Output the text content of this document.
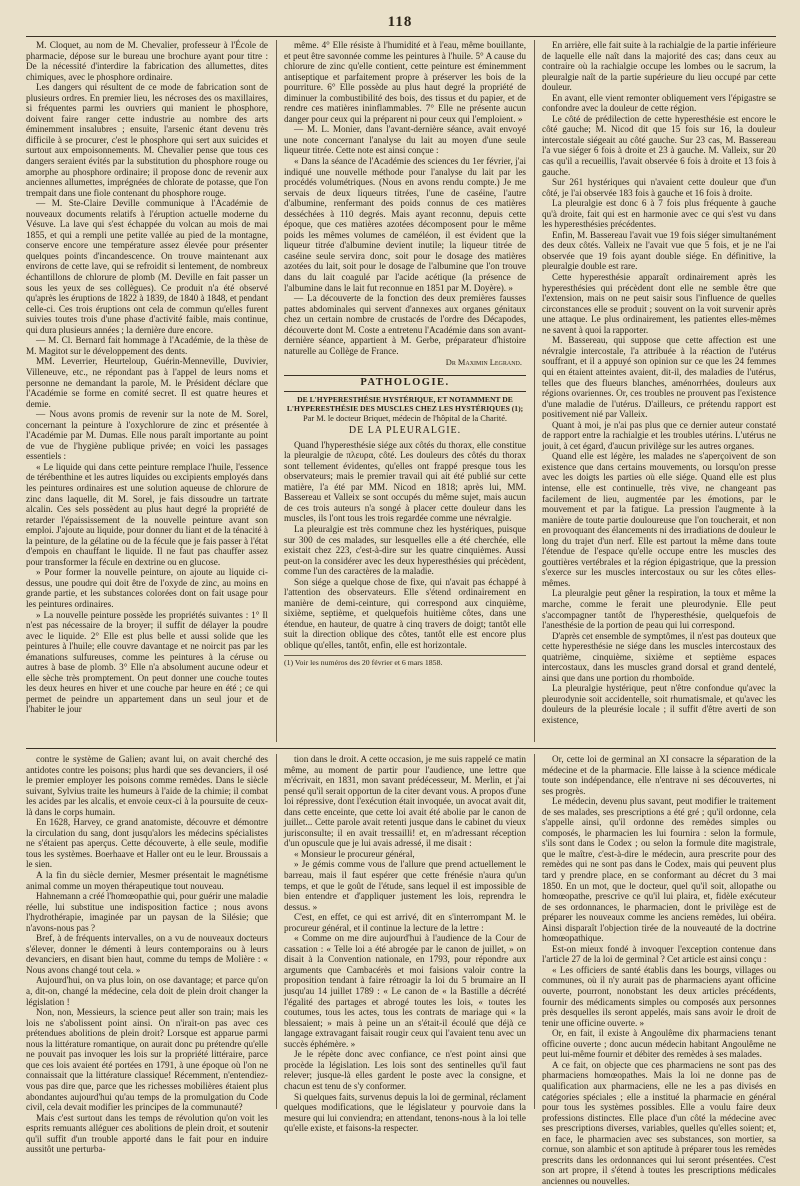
118

M. Cloquet, au nom de M. Chevalier, professeur à l'École de pharmacie, dépose sur le bureau une brochure ayant pour titre : De la nécessité d'interdire la fabrication des allumettes, dites chimiques, avec le phosphore ordinaire.

Les dangers qui résultent de ce mode de fabrication sont de plusieurs ordres. En premier lieu, les nécroses des os maxillaires, si fréquentes parmi les ouvriers qui manient le phosphore, doivent faire ranger cette industrie au nombre des arts éminemment insalubres ; ensuite, l'arsenic étant devenu très difficile à se procurer, c'est le phosphore qui sert aux suicides et surtout aux empoisonnements. M. Chevalier pense que tous ces dangers seraient évités par la substitution du phosphore rouge ou amorphe au phosphore ordinaire; il propose donc de revenir aux anciennes allumettes, imprégnées de chlorate de potasse, que l'on trempait dans une fiole contenant du phosphore rouge.

— M. Ste-Claire Deville communique à l'Académie de nouveaux documents relatifs à l'éruption actuelle moderne du Vésuve. La lave qui s'est échappée du volcan au mois de mai 1855, et qui a rempli une petite vallée au pied de la montagne, conserve encore une température assez élevée pour présenter quelques points d'incandescence. On trouve maintenant aux environs de cette lave, qui se refroidit si lentement, de nombreux échantillons de chlorure de plomb (M. Deville en fait passer un sous les yeux de ses collègues). Ce produit n'a été observé qu'après les éruptions de 1822 à 1839, de 1840 à 1848, et pendant celle-ci. Ces trois éruptions ont cela de commun qu'elles furent suivies toutes trois d'une phase d'activité faible, mais continue, qui dura plusieurs années ; la dernière dure encore.

— M. Cl. Bernard fait hommage à l'Académie, de la thèse de M. Magitot sur le développement des dents.

MM. Leverrier, Heurteloup, Guérin-Menneville, Duvivier, Villeneuve, etc., ne répondant pas à l'appel de leurs noms et personne ne demandant la parole, M. le Président déclare que l'Académie se forme en comité secret. Il est quatre heures et demie.

— Nous avons promis de revenir sur la note de M. Sorel, concernant la peinture à l'oxychlorure de zinc et présentée à l'Académie par M. Dumas. Elle nous paraît importante au point de vue de l'hygiène publique privée; en voici les passages essentiels :

« Le liquide qui dans cette peinture remplace l'huile, l'essence de térébenthine et les autres liquides ou excipients employés dans les peintures ordinaires est une solution aqueuse de chlorure de zinc dans laquelle, dit M. Sorel, je fais dissoudre un tartrate alcalin. Ces sels possèdent au plus haut degré la propriété de retarder l'épaississement de la nouvelle peinture avant son emploi. J'ajoute au liquide, pour donner du liant et de la ténacité à la peinture, de la gélatine ou de la fécule que je fais passer à l'état d'empois en chauffant le liquide. Il ne faut pas chauffer assez pour transformer la fécule en dextrine ou en glucose.

» Pour former la nouvelle peinture, on ajoute au liquide ci-dessus, une poudre qui doit être de l'oxyde de zinc, au moins en grande partie, et les substances colorées dont on fait usage pour les peintures ordinaires.

» La nouvelle peinture possède les propriétés suivantes : 1° Il n'est pas nécessaire de la broyer; il suffit de délayer la poudre avec le liquide. 2° Elle est plus belle et aussi solide que les peintures à l'huile; elle couvre davantage et ne noircit pas par les émanations sulfureuses, comme les peintures à la céruse ou autres à base de plomb. 3° Elle n'a absolument aucune odeur et elle sèche très promptement. On peut donner une couche toutes les deux heures en hiver et une couche par heure en été ; ce qui permet de peindre un appartement dans un seul jour et de l'habiter le jour

même. 4° Elle résiste à l'humidité et à l'eau, même bouillante, et peut être savonnée comme les peintures à l'huile. 5° A cause du chlorure de zinc qu'elle contient, cette peinture est éminemment antiseptique et parfaitement propre à préserver les bois de la pourriture. 6° Elle possède au plus haut degré la propriété de diminuer la combustibilité des bois, des tissus et du papier, et de rendre ces matières ininflammables. 7° Elle ne présente aucun danger pour ceux qui la préparent ni pour ceux qui l'emploient. »

— M. L. Monier, dans l'avant-dernière séance, avait envoyé une note concernant l'analyse du lait au moyen d'une seule liqueur titrée. Cette note est ainsi conçue :

« Dans la séance de l'Académie des sciences du 1er février, j'ai indiqué une nouvelle méthode pour l'analyse du lait par les procédés volumétriques. (Nous en avons rendu compte.) Je me servais de deux liqueurs titrées, l'une de caséine, l'autre d'albumine, renfermant des poids connus de ces matières desséchées à 110 degrés. Mais ayant reconnu, depuis cette époque, que ces matières azotées décomposent pour le même poids les mêmes volumes de caméléon, il est évident que la liqueur titrée d'albumine devient inutile; la liqueur titrée de caséine seule servira donc, soit pour le dosage des matières azotées du lait, soit pour le dosage de l'albumine que l'on trouve dans du lait coagulé par l'acide acétique (la présence de l'albumine dans le lait fut reconnue en 1851 par M. Doyère). »

— La découverte de la fonction des deux premières fausses pattes abdominales qui servent d'annexes aux organes génitaux chez un certain nombre de crustacés de l'ordre des Décapodes, découverte dont M. Coste a entretenu l'Académie dans son avant-dernière séance, appartient à M. Gerbe, préparateur d'histoire naturelle au Collège de France.

Dr Maximin Legrand.
PATHOLOGIE.
DE L'HYPERESTHÉSIE HYSTÉRIQUE, ET NOTAMMENT DE L'HYPERESTHÉSIE DES MUSCLES CHEZ LES HYSTÉRIQUES (1);
Par M. le docteur Briquet, médecin de l'hôpital de la Charité.
DE LA PLEURALGIE.

Quand l'hyperesthésie siége aux côtés du thorax, elle constitue la pleuralgie de πλευρα, côté. Les douleurs des côtés du thorax sont tellement évidentes, qu'elles ont frappé presque tous les observateurs; mais le premier travail qui ait été publié sur cette matière, l'a été par MM. Nicod en 1818; après lui, MM. Bassereau et Valleix se sont occupés du même sujet, mais aucun de ces trois auteurs n'a songé à placer cette douleur dans les muscles, ils l'ont tous les trois regardée comme une névralgie.

La pleuralgie est très commune chez les hystériques, puisque sur 300 de ces malades, sur lesquelles elle a été cherchée, elle existait chez 223, c'est-à-dire sur les quatre cinquièmes. Aussi peut-on la considérer avec les deux hyperesthésies qui précèdent, comme l'un des caractères de la maladie.

Son siége a quelque chose de fixe, qui n'avait pas échappé à l'attention des observateurs. Elle s'étend ordinairement en manière de demi-ceinture, qui correspond aux cinquième, sixième, septième, et quelquefois huitième côtes, dans une étendue, en hauteur, de quatre à cinq travers de doigt; tantôt elle suit la direction oblique des côtes, tantôt elle est encore plus oblique qu'elles, tantôt, enfin, elle est horizontale.

(1) Voir les numéros des 20 février et 6 mars 1858.

En arrière, elle fait suite à la rachialgie de la partie inférieure de laquelle elle naît dans la majorité des cas; dans ceux au contraire où la rachialgie occupe les lombes ou le sacrum, la pleuralgie naît de la partie supérieure du lieu occupé par cette douleur.

En avant, elle vient remonter obliquement vers l'épigastre se confondre avec la douleur de cette région.

Le côté de prédilection de cette hyperesthésie est encore le côté gauche; M. Nicod dit que 15 fois sur 16, la douleur intercostale siégeait au côté gauche. Sur 23 cas, M. Bassereau l'a vue siéger 6 fois à droite et 23 à gauche. M. Valleix, sur 20 cas qu'il a recueillis, l'avait observée 6 fois à droite et 13 fois à gauche.

Sur 261 hystériques qui n'avaient cette douleur que d'un côté, je l'ai observée 183 fois à gauche et 16 fois à droite.

La pleuralgie est donc 6 à 7 fois plus fréquente à gauche qu'à droite, fait qui est en harmonie avec ce qui s'est vu dans les hyperesthésies précédentes.

Enfin, M. Bassereau l'avait vue 19 fois siéger simultanément des deux côtés. Valleix ne l'avait vue que 5 fois, et je ne l'ai observée que 19 fois ayant double siége. En définitive, la pleuralgie double est rare.

Cette hyperesthésie apparaît ordinairement après les hyperesthésies qui précèdent dont elle ne semble être que l'extension, mais on ne peut saisir sous l'influence de quelles circonstances elle se produit ; souvent on la voit survenir après une attaque. Le plus ordinairement, les patientes elles-mêmes ne savent à quoi la rapporter.

M. Bassereau, qui suppose que cette affection est une névralgie intercostale, l'a attribuée à la réaction de l'utérus souffrant, et il a appuyé son opinion sur ce que les 24 femmes qui en étaient atteintes avaient, dit-il, des maladies de l'utérus, telles que des flueurs blanches, aménorrhées, douleurs aux régions ovariennes. Or, ces troubles ne prouvent pas l'existence d'une maladie de l'utérus. D'ailleurs, ce prétendu rapport est positivement nié par Valleix.

Quant à moi, je n'ai pas plus que ce dernier auteur constaté de rapport entre la rachialgie et les troubles utérins. L'utérus ne jouit, à cet égard, d'aucun privilège sur les autres organes.

Quand elle est légère, les malades ne s'aperçoivent de son existence que dans certains mouvements, ou lorsqu'on presse avec les doigts les parties où elle siége. Quand elle est plus intense, elle est continuelle, très vive, ne changeant pas facilement de lieu, augmentée par les émotions, par le mouvement et par la fatigue. La pression l'augmente à la manière de toute partie douloureuse que l'on toucherait, et non en provoquant des élancements ni des irradiations de douleur le long du trajet d'un nerf. Elle est partout la même dans toute l'étendue de l'espace qu'elle occupe entre les muscles des gouttières vertébrales et la région épigastrique, que la pression s'exerce sur les muscles intercostaux ou sur les côtes elles-mêmes.

La pleuralgie peut gêner la respiration, la toux et même la marche, comme le ferait une pleurodynie. Elle peut s'accompagner tantôt de l'hyperesthésie, quelquefois de l'anesthésie de la portion de peau qui lui correspond.

D'après cet ensemble de symptômes, il n'est pas douteux que cette hyperesthésie ne siége dans les muscles intercostaux des quatrième, cinquième, sixième et septième espaces intercostaux, dans les muscles grand dorsal et grand dentelé, ainsi que dans une portion du rhomboïde.

La pleuralgie hystérique, peut n'être confondue qu'avec la pleurodynie soit accidentelle, soit rhumatismale, et qu'avec les douleurs de la pleurésie locale ; il suffit d'être averti de son existence,

contre le système de Galien; avant lui, on avait cherché des antidotes contre les poisons; plus hardi que ses devanciers, il osé le premier employer les poisons comme remèdes. Dans le siècle suivant, Sylvius traite les humeurs à l'aide de la chimie; il combat les acides par les alcalis, et envoie ceux-ci à la poursuite de ceux-là dans le corps humain.

En 1628, Harvey, ce grand anatomiste, découvre et démontre la circulation du sang, dont jusqu'alors les médecins spécialistes ne s'étaient pas aperçus. Cette découverte, à elle seule, modifie tous les systèmes. Boerhaave et Haller ont eu le leur. Broussais a le sien.

A la fin du siècle dernier, Mesmer présentait le magnétisme animal comme un moyen thérapeutique tout nouveau.

Hahnemann a créé l'homœopathie qui, pour guérir une maladie réelle, lui substitue une indisposition factice ; nous avons l'hydrothérapie, imaginée par un paysan de la Silésie; que n'avons-nous pas ?

Bref, à de fréquents intervalles, on a vu de nouveaux docteurs s'élever, donner le démenti à leurs contemporains ou à leurs devanciers, en disant bien haut, comme du temps de Molière : « Nous avons changé tout cela. »

Aujourd'hui, on va plus loin, on ose davantage; et parce qu'on a, dit-on, changé la médecine, cela doit de plein droit changer la législation !

Non, non, Messieurs, la science peut aller son train; mais les lois ne s'abolissent point ainsi. On n'irait-on pas avec ces prétendues abolitions de plein droit? Lorsque est apparue parmi nous la littérature romantique, on aurait donc pu prétendre qu'elle ne pouvait pas invoquer les lois sur la propriété littéraire, parce que ces lois avaient été portées en 1791, à une époque où l'on ne connaissait que la littérature classique! Récemment, n'entendiez-vous pas dire que, parce que les richesses mobilières étaient plus abondantes aujourd'hui qu'au temps de la promulgation du Code civil, cela devait modifier les principes de la communauté?

Mais c'est surtout dans les temps de révolution qu'on voit les esprits remuants alléguer ces abolitions de plein droit, et soutenir qu'il suffit d'un trouble apporté dans le fait pour en induire aussitôt une perturba-

tion dans le droit. A cette occasion, je me suis rappelé ce matin même, au moment de partir pour l'audience, une lettre que m'écrivait, en 1831, mon savant prédécesseur, M. Merlin, et j'ai pensé qu'il serait opportun de la citer devant vous. A propos d'une loi répressive, dont l'exécution était invoquée, un avocat avait dit, dans cette enceinte, que cette loi avait été abolie par le canon de juillet... Cette parole avait retenti jusque dans le cabinet du vieux jurisconsulte; il en avait tressailli! et, en m'adressant réception d'un opuscule que je lui avais adressé, il me disait :

« Monsieur le procureur général,

» Je gémis comme vous de l'allure que prend actuellement le barreau, mais il faut espérer que cette frénésie n'aura qu'un temps, et que le goût de l'étude, sans lequel il est impossible de bien entendre et d'appliquer justement les lois, reprendra le dessus. »

C'est, en effet, ce qui est arrivé, dit en s'interrompant M. le procureur général, et il continue la lecture de la lettre :

« Comme on me dire aujourd'hui à l'audience de la Cour de cassation : « Telle loi a été abrogée par le canon de juillet, » on disait à la Convention nationale, en 1793, pour répondre aux arguments que Cambacérès et moi faisions valoir contre la proposition tendant à faire rétroagir la loi du 5 brumaire an II jusqu'au 14 juillet 1789 : « Le canon de « la Bastille a décrété l'égalité des partages et abrogé toutes les lois, « toutes les coutumes, tous les actes, tous les contrats de mariage qui « la blessaient; » mais à peine un an s'était-il écoulé que déjà ce langage extravagant faisait rougir ceux qui l'avaient tenu avec un succès éphémère. »

Je le répète donc avec confiance, ce n'est point ainsi que procède la législation. Les lois sont des sentinelles qu'il faut relever; jusque-là elles gardent le poste avec la consigne, et chacun est tenu de s'y conformer.

Si quelques faits, survenus depuis la loi de germinal, réclament quelques modifications, que le législateur y pourvoie dans la mesure qui lui conviendra; en attendant, tenons-nous à la loi telle qu'elle existe, et faisons-la respecter.

Or, cette loi de germinal an XI consacre la séparation de la médecine et de la pharmacie. Elle laisse à la science médicale toute son indépendance, elle n'entrave ni ses découvertes, ni ses progrès.

Le médecin, devenu plus savant, peut modifier le traitement de ses malades, ses prescriptions a été gré ; qu'il ordonne, cela s'appelle ainsi, qu'il ordonne des remèdes simples ou composés, le pharmacien les lui fournira : selon la formule, s'ils sont dans le Codex ; ou selon la formule dite magistrale, que le maître, c'est-à-dire le médecin, aura prescrite pour des remèdes qui ne sont pas dans le Codex, mais qui peuvent plus tard y prendre place, en se conformant au décret du 3 mai 1850. En un mot, que le docteur, quel qu'il soit, allopathe ou homœopathe, prescrive ce qu'il lui plaira, et, fidèle exécuteur de ses ordonnances, le pharmacien, dont le privilège est de préparer les nouveaux comme les anciens remèdes, lui obéira. Ainsi disparaît l'objection tirée de la nouveauté de la doctrine homœopathique.

Est-on mieux fondé à invoquer l'exception contenue dans l'article 27 de la loi de germinal ? Cet article est ainsi conçu :

« Les officiers de santé établis dans les bourgs, villages ou communes, où il n'y aurait pas de pharmaciens ayant officine ouverte, pourront, nonobstant les deux articles précédents, fournir des médicaments simples ou composés aux personnes près desquelles ils seront appelés, mais sans avoir le droit de tenir une officine ouverte. »

Or, en fait, il existe à Angoulême dix pharmaciens tenant officine ouverte ; donc aucun médecin habitant Angoulême ne peut lui-même fournir et débiter des remèdes à ses malades.

A ce fait, on objecte que ces pharmaciens ne sont pas des pharmaciens homœopathes. Mais la loi ne donne pas de qualification aux pharmaciens, elle ne les a pas divisés en catégories spéciales ; elle a institué la pharmacie en général pour tous les systèmes possibles. Elle a voulu faire deux professions distinctes. Elle place d'un côté la médecine avec ses prescriptions diverses, variables, quelles qu'elles soient; et, en face, le pharmacien avec ses substances, son mortier, sa cornue, son alambic et son aptitude à préparer tous les remèdes prescrits dans les ordonnances qui lui seront présentées. C'est son art propre, il s'étend à toutes les prescriptions médicales anciennes ou nouvelles.
